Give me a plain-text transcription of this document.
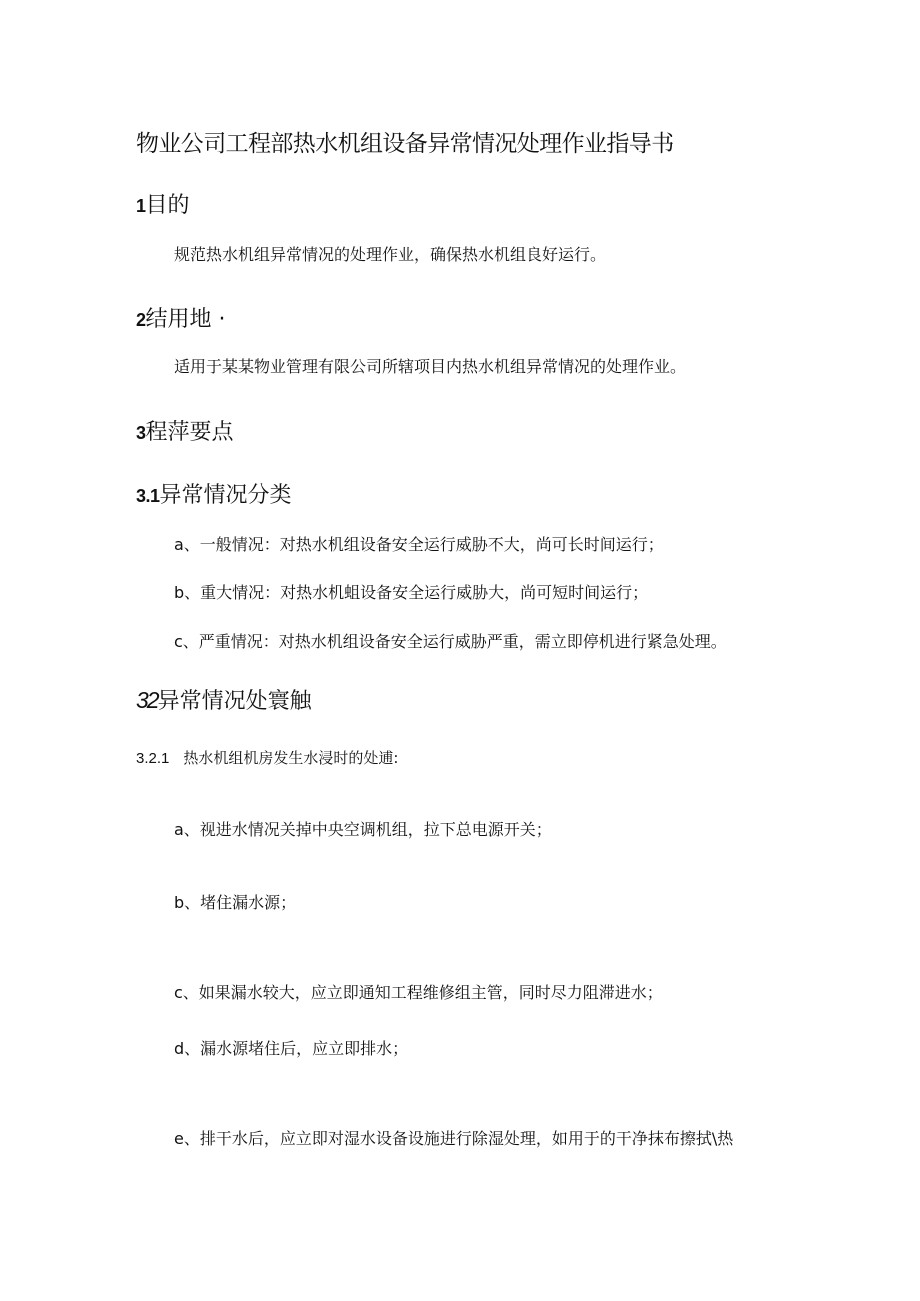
物业公司工程部热水机组设备异常情况处理作业指导书
1目的
规范热水机组异常情况的处理作业，确保热水机组良好运行。
2结用地 ·
适用于某某物业管理有限公司所辖项目内热水机组异常情况的处理作业。
3程萍要点
3.1异常情况分类
a、一般情况：对热水机组设备安全运行威胁不大，尚可长时间运行；
b、重大情况：对热水机蛆设备安全运行威胁大，尚可短时间运行；
c、严重情况：对热水机组设备安全运行威胁严重，需立即停机进行紧急处理。
32异常情况处寰触
3.2.1 热水机组机房发生水浸时的处逋:
a、视进水情况关掉中央空调机组，拉下总电源开关；
b、堵住漏水源；
c、如果漏水较大，应立即通知工程维修组主管，同时尽力阻滞进水；
d、漏水源堵住后，应立即排水；
e、排干水后，应立即对湿水设备设施进行除湿处理，如用于的干净抹布擦拭\热
